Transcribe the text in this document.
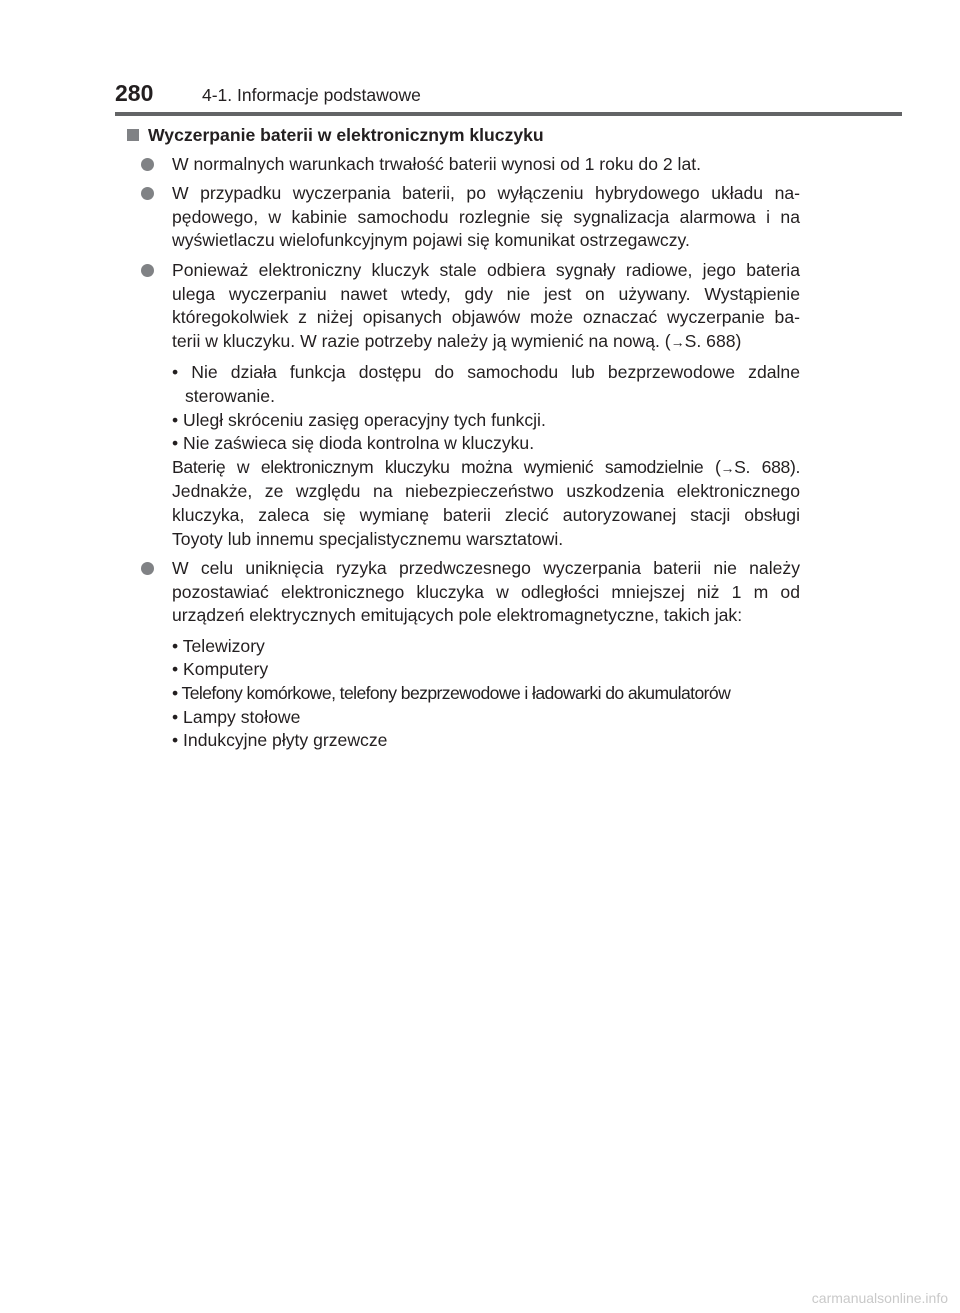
280	4-1. Informacje podstawowe
Wyczerpanie baterii w elektronicznym kluczyku
W normalnych warunkach trwałość baterii wynosi od 1 roku do 2 lat.
W przypadku wyczerpania baterii, po wyłączeniu hybrydowego układu na-
pędowego, w kabinie samochodu rozlegnie się sygnalizacja alarmowa i na
wyświetlaczu wielofunkcyjnym pojawi się komunikat ostrzegawczy.
Ponieważ elektroniczny kluczyk stale odbiera sygnały radiowe, jego bateria
ulega wyczerpaniu nawet wtedy, gdy nie jest on używany. Wystąpienie
któregokolwiek z niżej opisanych objawów może oznaczać wyczerpanie ba-
terii w kluczyku. W razie potrzeby należy ją wymienić na nową. (→S. 688)
• Nie działa funkcja dostępu do samochodu lub bezprzewodowe zdalne
sterowanie.
• Uległ skróceniu zasięg operacyjny tych funkcji.
• Nie zaświeca się dioda kontrolna w kluczyku.
Baterię w elektronicznym kluczyku można wymienić samodzielnie (→S. 688).
Jednakże, ze względu na niebezpieczeństwo uszkodzenia elektronicznego
kluczyka, zaleca się wymianę baterii zlecić autoryzowanej stacji obsługi
Toyoty lub innemu specjalistycznemu warsztatowi.
W celu uniknięcia ryzyka przedwczesnego wyczerpania baterii nie należy
pozostawiać elektronicznego kluczyka w odległości mniejszej niż 1 m od
urządzeń elektrycznych emitujących pole elektromagnetyczne, takich jak:
• Telewizory
• Komputery
• Telefony komórkowe, telefony bezprzewodowe i ładowarki do akumulatorów
• Lampy stołowe
• Indukcyjne płyty grzewcze
carmanualsonline.info
